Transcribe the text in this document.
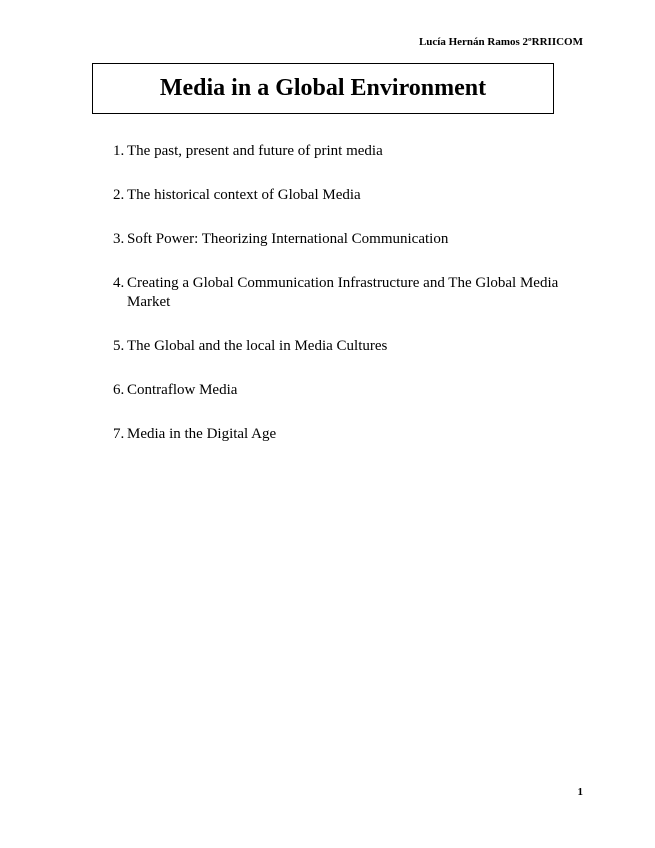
Lucía Hernán Ramos 2ºRRIICOM
Media in a Global Environment
1. The past, present and future of print media
2. The historical context of Global Media
3. Soft Power: Theorizing International Communication
4. Creating a Global Communication Infrastructure and The Global Media Market
5. The Global and the local in Media Cultures
6. Contraflow Media
7. Media in the Digital Age
1
